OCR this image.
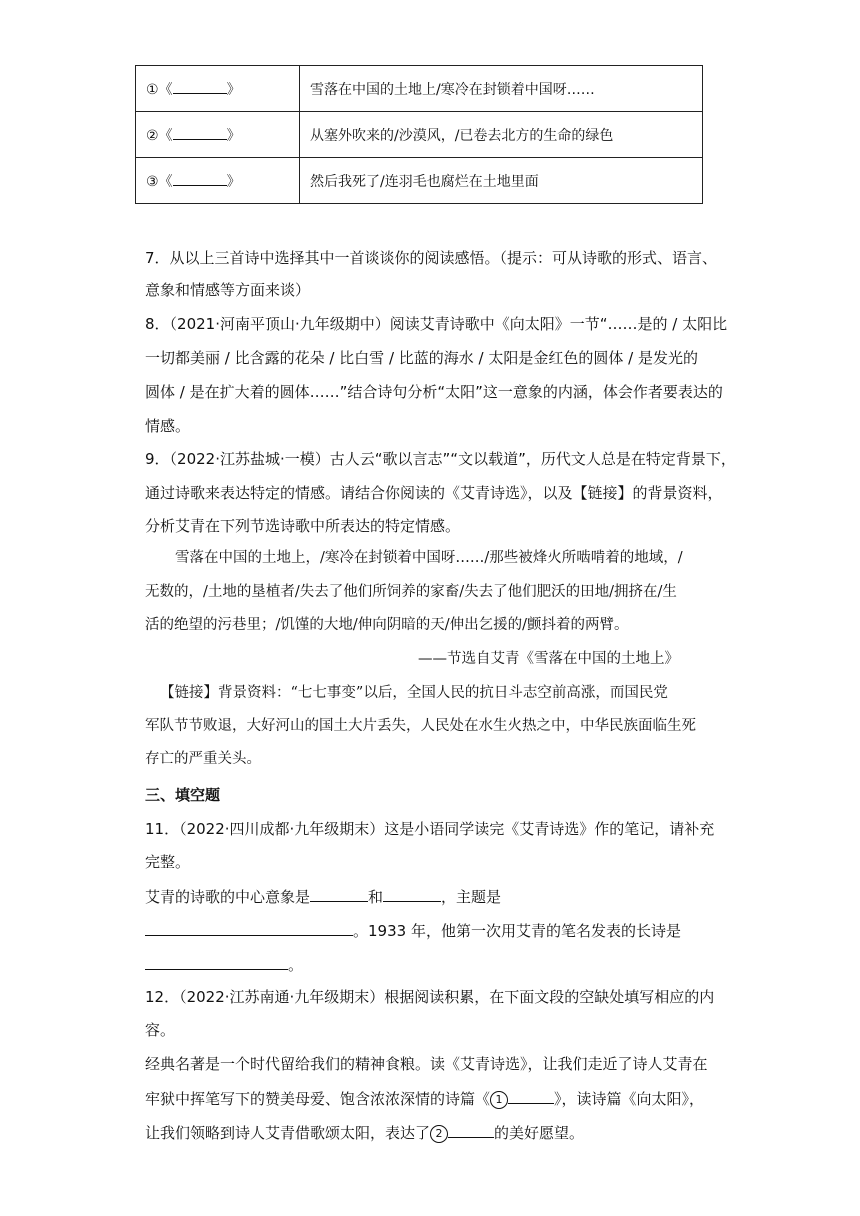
①《 》	雪落在中国的土地上/寒冷在封锁着中国呀……
②《 》	从塞外吹来的/沙漠风，/已卷去北方的生命的绿色
③《 》	然后我死了/连羽毛也腐烂在土地里面
7．从以上三首诗中选择其中一首谈谈你的阅读感悟。（提示：可从诗歌的形式、语言、
意象和情感等方面来谈）
8．（2021·河南平顶山·九年级期中）阅读艾青诗歌中《向太阳》一节“……是的 / 太阳比
一切都美丽 / 比含露的花朵 / 比白雪 / 比蓝的海水 / 太阳是金红色的圆体 / 是发光的
圆体 / 是在扩大着的圆体……”结合诗句分析“太阳”这一意象的内涵，体会作者要表达的
情感。
9．（2022·江苏盐城·一模）古人云“歌以言志”“文以载道”，历代文人总是在特定背景下，
通过诗歌来表达特定的情感。请结合你阅读的《艾青诗选》，以及【链接】的背景资料，
分析艾青在下列节选诗歌中所表达的特定情感。
雪落在中国的土地上，/寒冷在封锁着中国呀……/那些被烽火所啮啃着的地域，/
无数的，/土地的垦植者/失去了他们所饲养的家畜/失去了他们肥沃的田地/拥挤在/生
活的绝望的污巷里；/饥馑的大地/伸向阴暗的天/伸出乞援的/颤抖着的两臂。
——节选自艾青《雪落在中国的土地上》
【链接】背景资料：“七七事变”以后，全国人民的抗日斗志空前高涨，而国民党
军队节节败退，大好河山的国土大片丢失，人民处在水生火热之中，中华民族面临生死
存亡的严重关头。
三、填空题
11．（2022·四川成都·九年级期末）这是小语同学读完《艾青诗选》作的笔记，请补充
完整。
艾青的诗歌的中心意象是	和	，主题是
。1933 年，他第一次用艾青的笔名发表的长诗是
。
12．（2022·江苏南通·九年级期末）根据阅读积累，在下面文段的空缺处填写相应的内
容。
经典名著是一个时代留给我们的精神食粮。读《艾青诗选》，让我们走近了诗人艾青在
牢狱中挥笔写下的赞美母爱、饱含浓浓深情的诗篇《 1	》，读诗篇《向太阳》，
让我们领略到诗人艾青借歌颂太阳，表达了 2	的美好愿望。
